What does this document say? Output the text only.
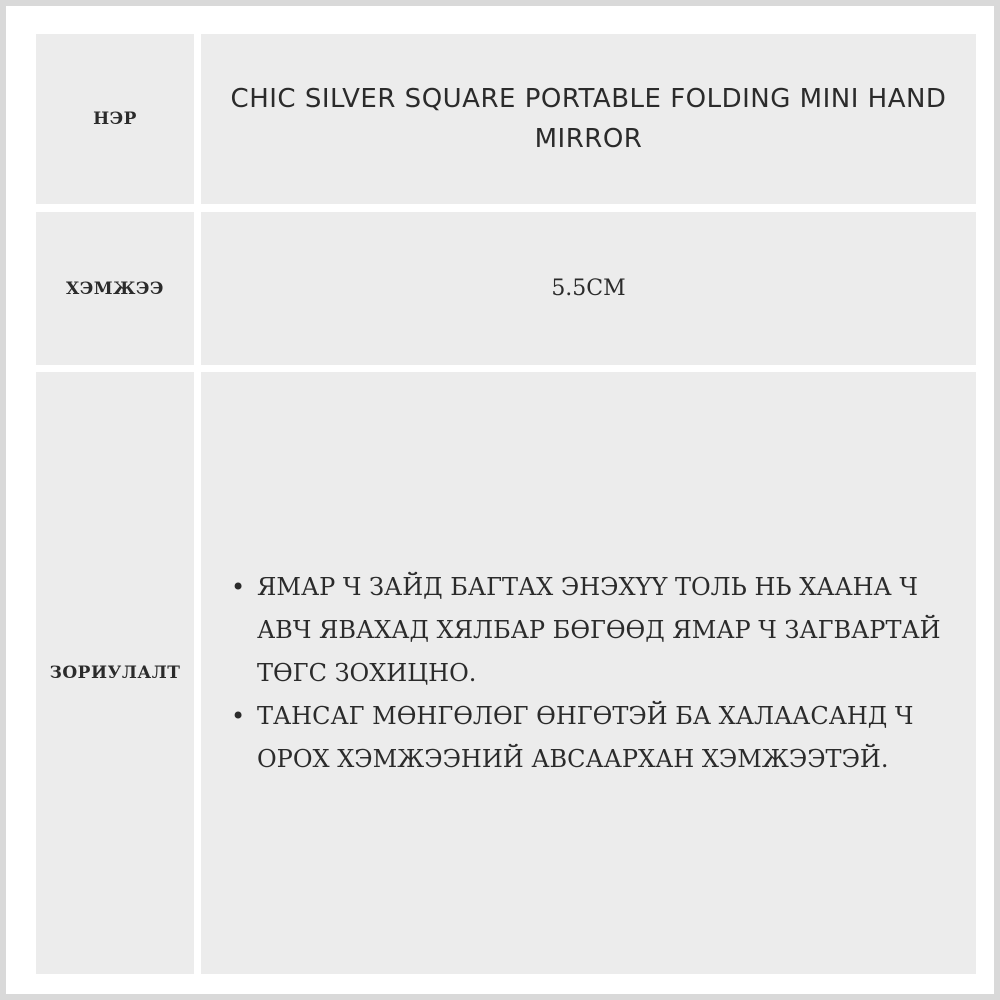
НЭР
CHIC SILVER SQUARE PORTABLE FOLDING MINI HAND MIRROR
ХЭМЖЭЭ	5.5CM
ЗОРИУЛАЛТ
• ЯМАР Ч ЗАЙД БАГТАХ ЭНЭХҮҮ ТОЛЬ НЬ ХААНА Ч АВЧ ЯВАХАД ХЯЛБАР БӨГӨӨД ЯМАР Ч ЗАГВАРТАЙ ТӨГС ЗОХИЦНО.
• ТАНСАГ МӨНГӨЛӨГ ӨНГӨТЭЙ БА ХАЛААСАНД Ч ОРОХ ХЭМЖЭЭНИЙ АВСААРХАН ХЭМЖЭЭТЭЙ.
